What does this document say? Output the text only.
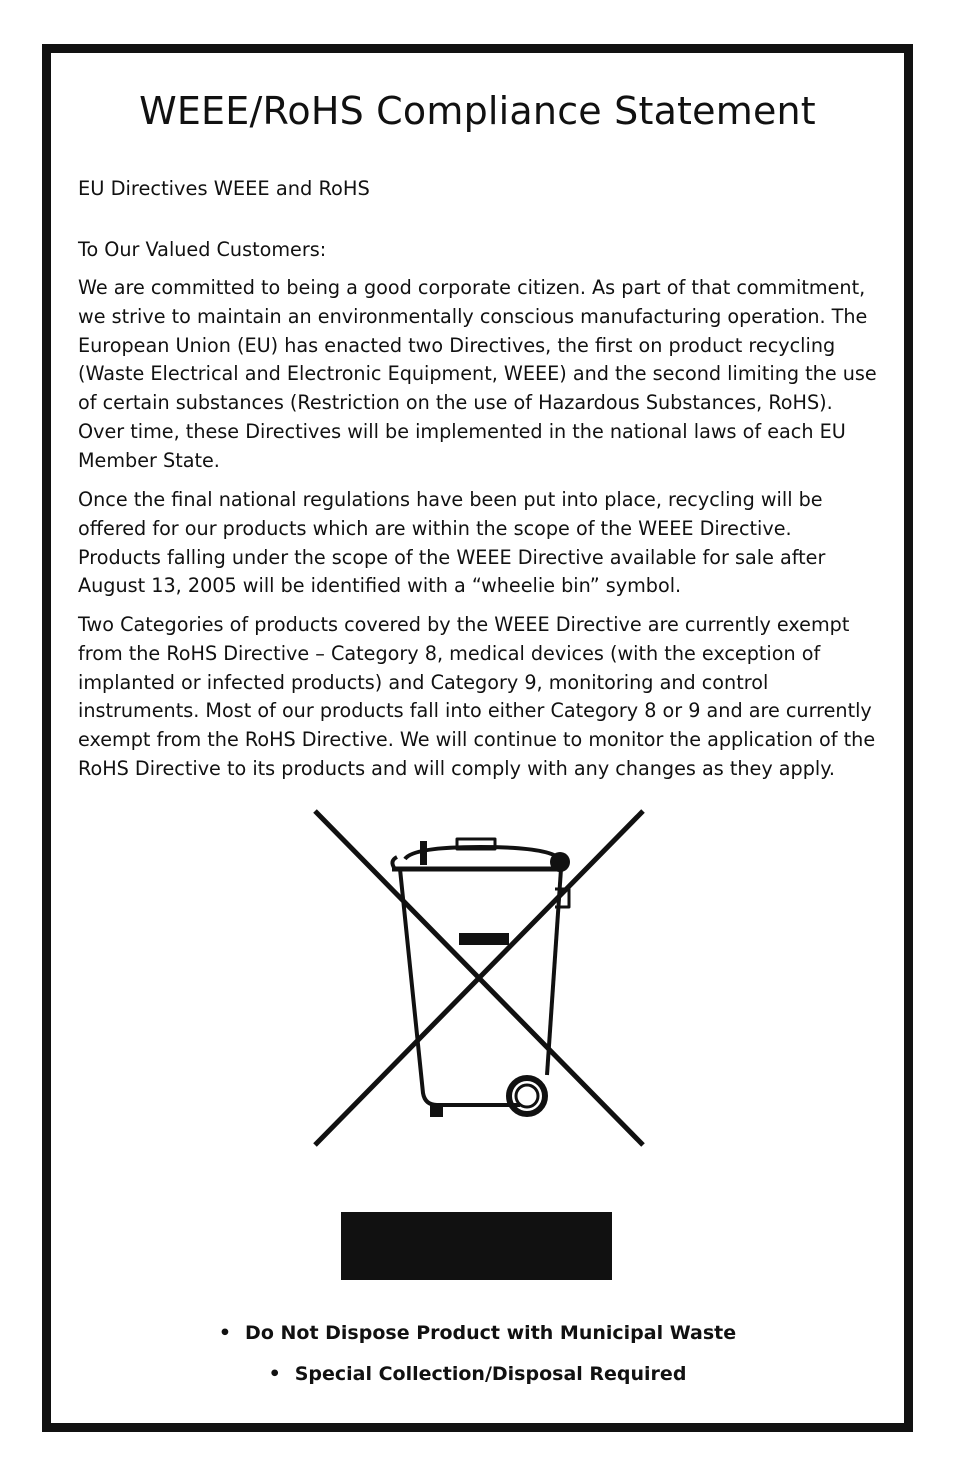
WEEE/RoHS Compliance Statement
EU Directives WEEE and RoHS
To Our Valued Customers:

We are committed to being a good corporate citizen. As part of that commitment, we strive to maintain an environmentally conscious manufacturing operation. The European Union (EU) has enacted two Directives, the first on product recycling (Waste Electrical and Electronic Equipment, WEEE) and the second limiting the use of certain substances (Restriction on the use of Hazardous Substances, RoHS). Over time, these Directives will be implemented in the national laws of each EU Member State.

Once the final national regulations have been put into place, recycling will be offered for our products which are within the scope of the WEEE Directive. Products falling under the scope of the WEEE Directive available for sale after August 13, 2005 will be identified with a “wheelie bin” symbol.

Two Categories of products covered by the WEEE Directive are currently exempt from the RoHS Directive – Category 8, medical devices (with the exception of implanted or infected products) and Category 9, monitoring and control instruments. Most of our products fall into either Category 8 or 9 and are currently exempt from the RoHS Directive. We will continue to monitor the application of the RoHS Directive to its products and will comply with any changes as they apply.

• Do Not Dispose Product with Municipal Waste
• Special Collection/Disposal Required
